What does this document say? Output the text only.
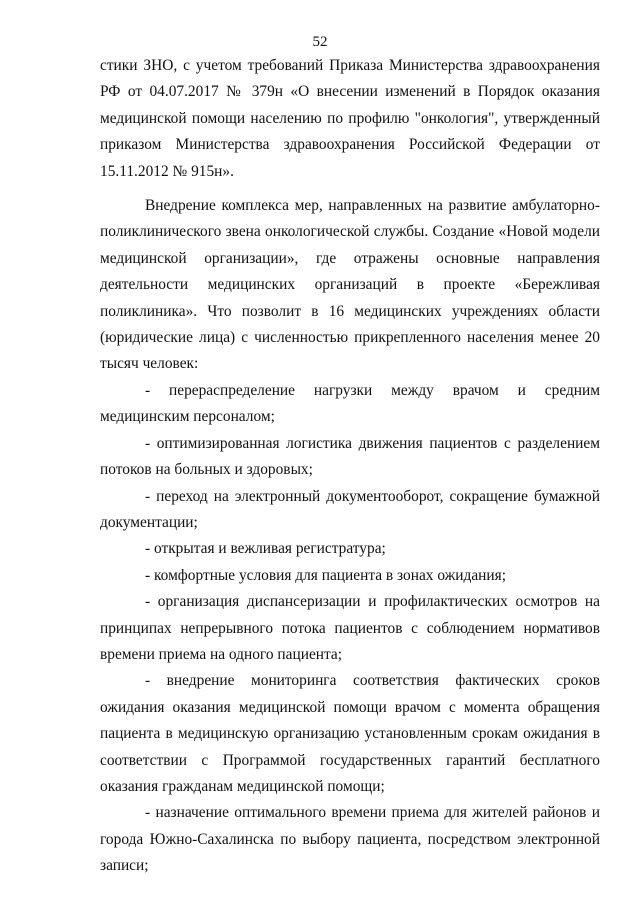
52

стики ЗНО, с учетом требований Приказа Министерства здравоохранения РФ от 04.07.2017 № 379н «О внесении изменений в Порядок оказания медицинской помощи населению по профилю "онкология", утвержденный приказом Министерства здравоохранения Российской Федерации от 15.11.2012 № 915н».

Внедрение комплекса мер, направленных на развитие амбулаторно-поликлинического звена онкологической службы. Создание «Новой модели медицинской организации», где отражены основные направления деятельности медицинских организаций в проекте «Бережливая поликлиника». Что позволит в 16 медицинских учреждениях области (юридические лица) с численностью прикрепленного населения менее 20 тысяч человек:

- перераспределение нагрузки между врачом и средним медицинским персоналом;

- оптимизированная логистика движения пациентов с разделением потоков на больных и здоровых;

- переход на электронный документооборот, сокращение бумажной документации;

- открытая и вежливая регистратура;

- комфортные условия для пациента в зонах ожидания;

- организация диспансеризации и профилактических осмотров на принципах непрерывного потока пациентов с соблюдением нормативов времени приема на одного пациента;

- внедрение мониторинга соответствия фактических сроков ожидания оказания медицинской помощи врачом с момента обращения пациента в медицинскую организацию установленным срокам ожидания в соответствии с Программой государственных гарантий бесплатного оказания гражданам медицинской помощи;

- назначение оптимального времени приема для жителей районов и города Южно-Сахалинска по выбору пациента, посредством электронной записи;
